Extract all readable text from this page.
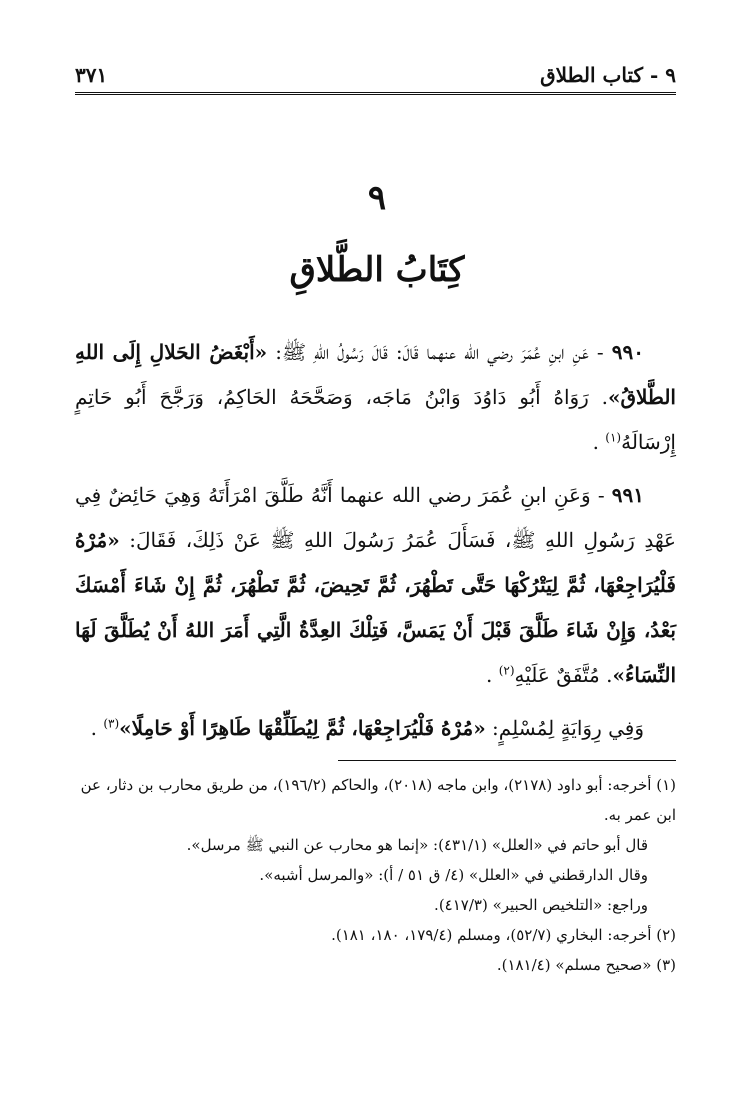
٣٧١	٩ - كتاب الطلاق
٩
كِتَابُ الطَّلاقِ

٩٩٠ - عَنِ ابنِ عُمَرَ رضي الله عنهما قَالَ: قَالَ رَسُولُ اللهِ ﷺ: «أَبْغَضُ الحَلالِ إِلَى اللهِ الطَّلاقُ». رَوَاهُ أَبُو دَاوُدَ وَابْنُ مَاجَه، وَصَحَّحَهُ الحَاكِمُ، وَرَجَّحَ أَبُو حَاتِمٍ إِرْسَالَهُ$^{(١)}$ .

٩٩١ - وَعَنِ ابنِ عُمَرَ رضي الله عنهما أَنَّهُ طَلَّقَ امْرَأَتَهُ وَهِيَ حَائِضٌ فِي عَهْدِ رَسُولِ اللهِ ﷺ، فَسَأَلَ عُمَرُ رَسُولَ اللهِ ﷺ عَنْ ذَلِكَ، فَقَالَ: «مُرْهُ فَلْيُرَاجِعْهَا، ثُمَّ لِيَتْرُكْهَا حَتَّى تَطْهُرَ، ثُمَّ تَحِيضَ، ثُمَّ تَطْهُرَ، ثُمَّ إِنْ شَاءَ أَمْسَكَ بَعْدُ، وَإِنْ شَاءَ طَلَّقَ قَبْلَ أَنْ يَمَسَّ، فَتِلْكَ العِدَّةُ الَّتِي أَمَرَ اللهُ أَنْ يُطَلَّقَ لَهَا النِّسَاءُ». مُتَّفَقٌ عَلَيْهِ$^{(٢)}$ .

وَفِي رِوَايَةٍ لِمُسْلِمٍ: «مُرْهُ فَلْيُرَاجِعْهَا، ثُمَّ لِيُطَلِّقْهَا طَاهِرًا أَوْ حَامِلًا»$^{(٣)}$ .

(١) أخرجه: أبو داود (٢١٧٨)، وابن ماجه (٢٠١٨)، والحاكم (١٩٦/٢)، من طريق محارب بن دثار، عن ابن عمر به.

قال أبو حاتم في «العلل» (٤٣١/١): «إنما هو محارب عن النبي ﷺ مرسل».

وقال الدارقطني في «العلل» (٤/ ق ٥١ / أ): «والمرسل أشبه».

وراجع: «التلخيص الحبير» (٤١٧/٣).

(٢) أخرجه: البخاري (٥٢/٧)، ومسلم (١٧٩/٤، ١٨٠، ١٨١).

(٣) «صحيح مسلم» (١٨١/٤).
